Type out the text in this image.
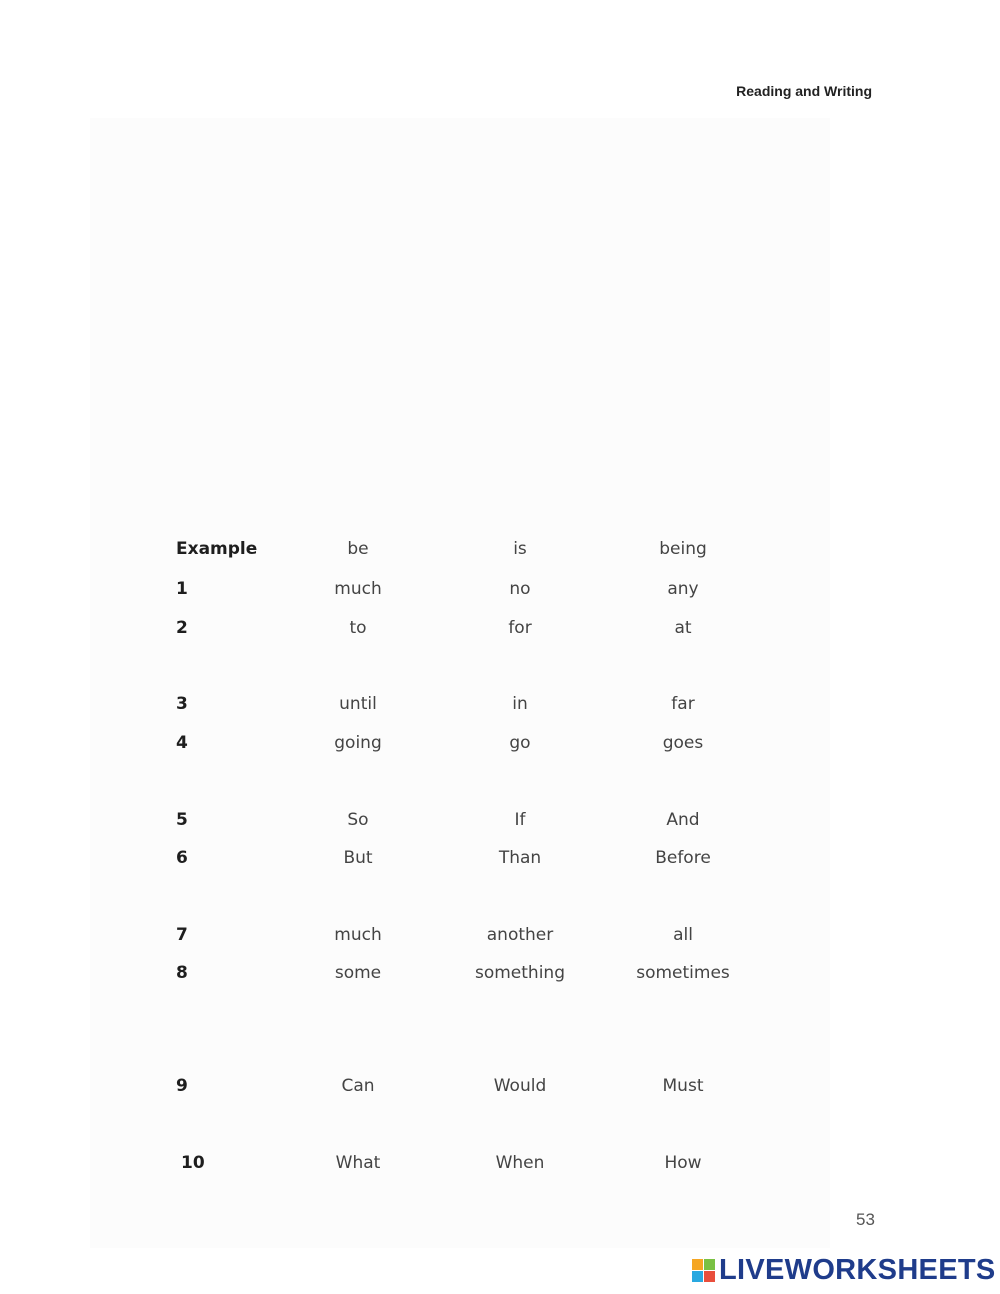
Reading and Writing
Example	be	is	being
1	much	no	any
2	to	for	at
3	until	in	far
4	going	go	goes
5	So	If	And
6	But	Than	Before
7	much	another	all
8	some	something	sometimes
9	Can	Would	Must
10	What	When	How
53
LIVEWORKSHEETS
